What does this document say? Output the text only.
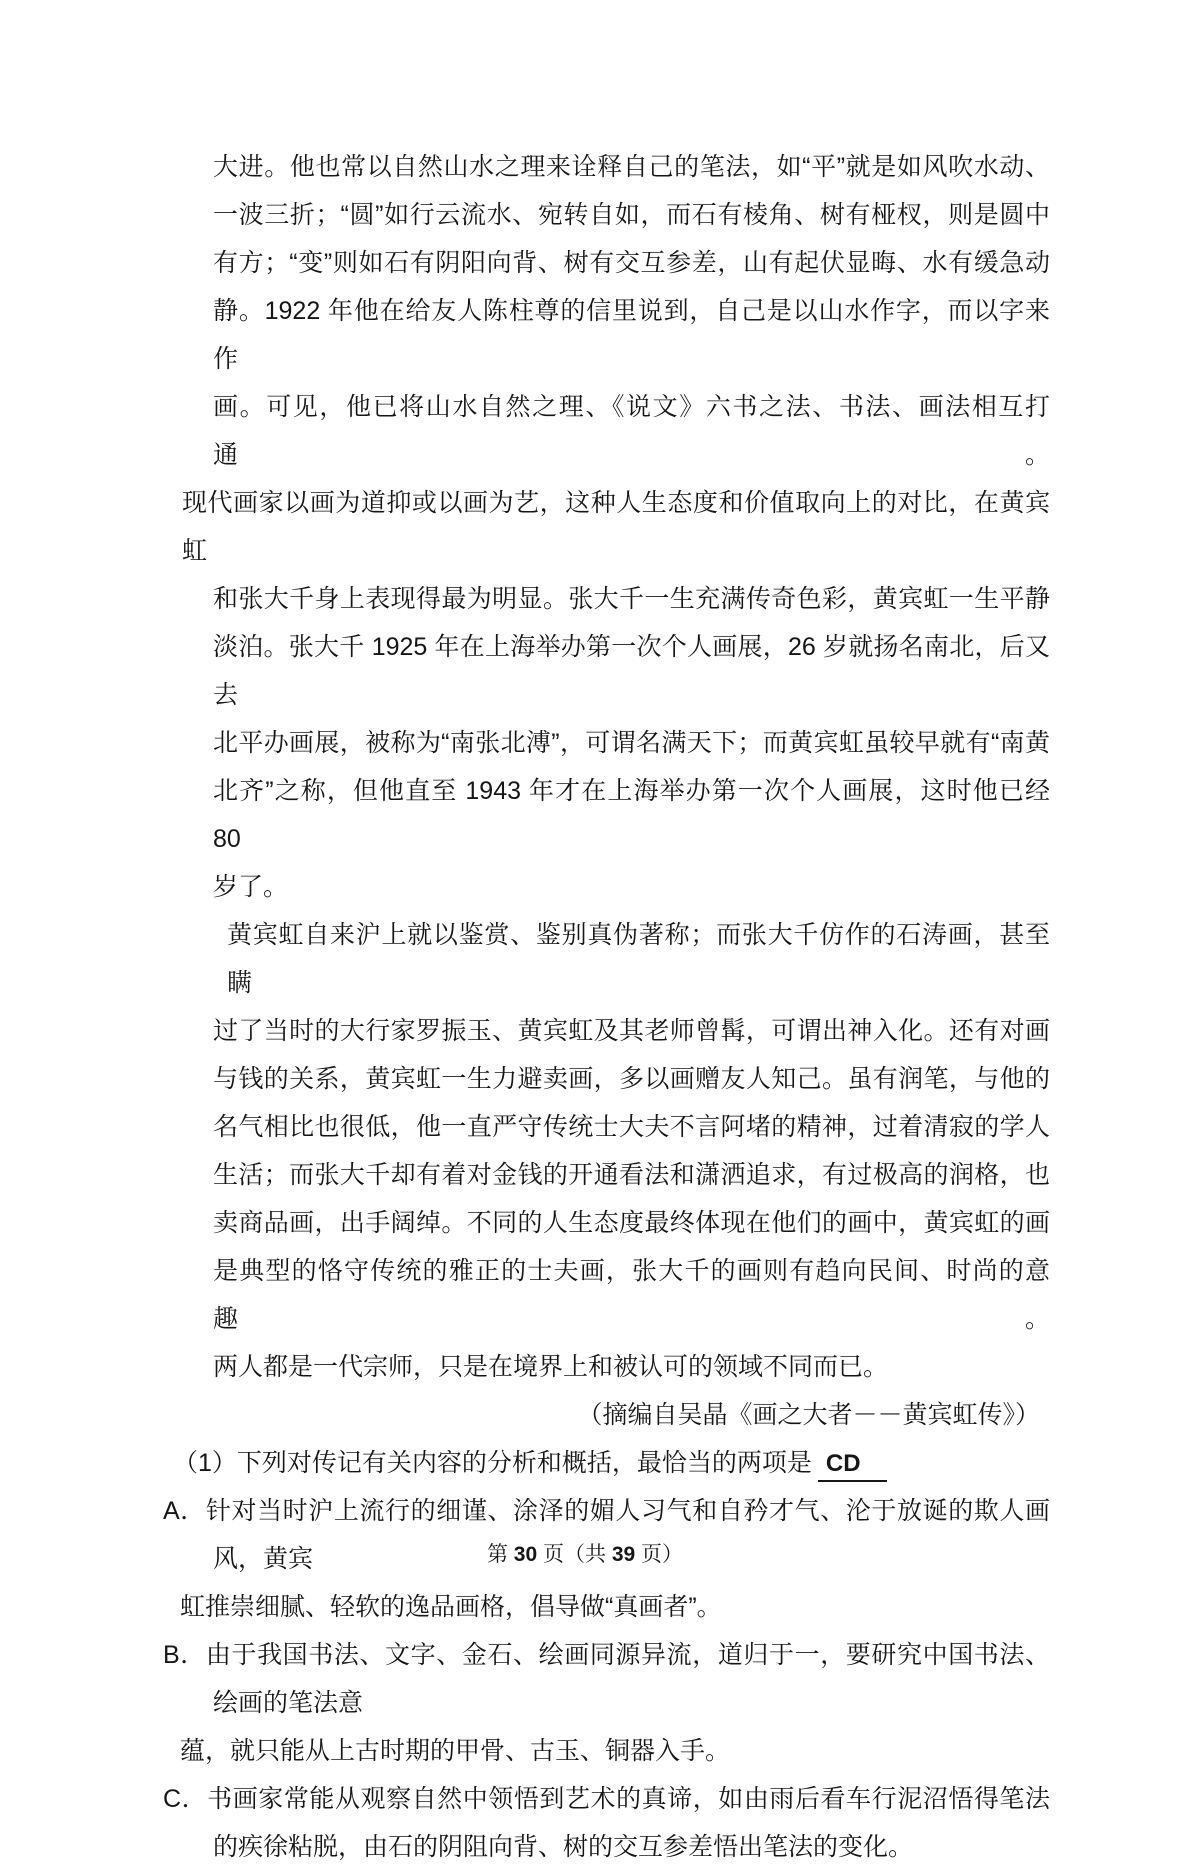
大进。他也常以自然山水之理来诠释自己的笔法，如“平”就是如风吹水动、
一波三折；“圆”如行云流水、宛转自如，而石有棱角、树有桠杈，则是圆中
有方；“变”则如石有阴阳向背、树有交互参差，山有起伏显晦、水有缓急动
静。1922 年他在给友人陈柱尊的信里说到，自己是以山水作字，而以字来作
画。可见，他已将山水自然之理、《说文》六书之法、书法、画法相互打通。
现代画家以画为道抑或以画为艺，这种人生态度和价值取向上的对比，在黄宾虹
和张大千身上表现得最为明显。张大千一生充满传奇色彩，黄宾虹一生平静
淡泊。张大千 1925 年在上海举办第一次个人画展，26 岁就扬名南北，后又去
北平办画展，被称为“南张北溥”，可谓名满天下；而黄宾虹虽较早就有“南黄
北齐”之称，但他直至 1943 年才在上海举办第一次个人画展，这时他已经 80
岁了。
黄宾虹自来沪上就以鉴赏、鉴别真伪著称；而张大千仿作的石涛画，甚至瞒
过了当时的大行家罗振玉、黄宾虹及其老师曾髯，可谓出神入化。还有对画
与钱的关系，黄宾虹一生力避卖画，多以画赠友人知己。虽有润笔，与他的
名气相比也很低，他一直严守传统士大夫不言阿堵的精神，过着清寂的学人
生活；而张大千却有着对金钱的开通看法和潇洒追求，有过极高的润格，也
卖商品画，出手阔绰。不同的人生态度最终体现在他们的画中，黄宾虹的画
是典型的恪守传统的雅正的士夫画，张大千的画则有趋向民间、时尚的意趣。
两人都是一代宗师，只是在境界上和被认可的领域不同而已。
（摘编自吴晶《画之大者－－黄宾虹传》）
（1）下列对传记有关内容的分析和概括，最恰当的两项是 CD
A．针对当时沪上流行的细谨、涂泽的媚人习气和自矜才气、沦于放诞的欺人画
风，黄宾
虹推崇细腻、轻软的逸品画格，倡导做“真画者”。
B．由于我国书法、文字、金石、绘画同源异流，道归于一，要研究中国书法、
绘画的笔法意
蕴，就只能从上古时期的甲骨、古玉、铜器入手。
C．书画家常能从观察自然中领悟到艺术的真谛，如由雨后看车行泥沼悟得笔法
的疾徐粘脱，由石的阴阻向背、树的交互参差悟出笔法的变化。
第 30 页（共 39 页）
